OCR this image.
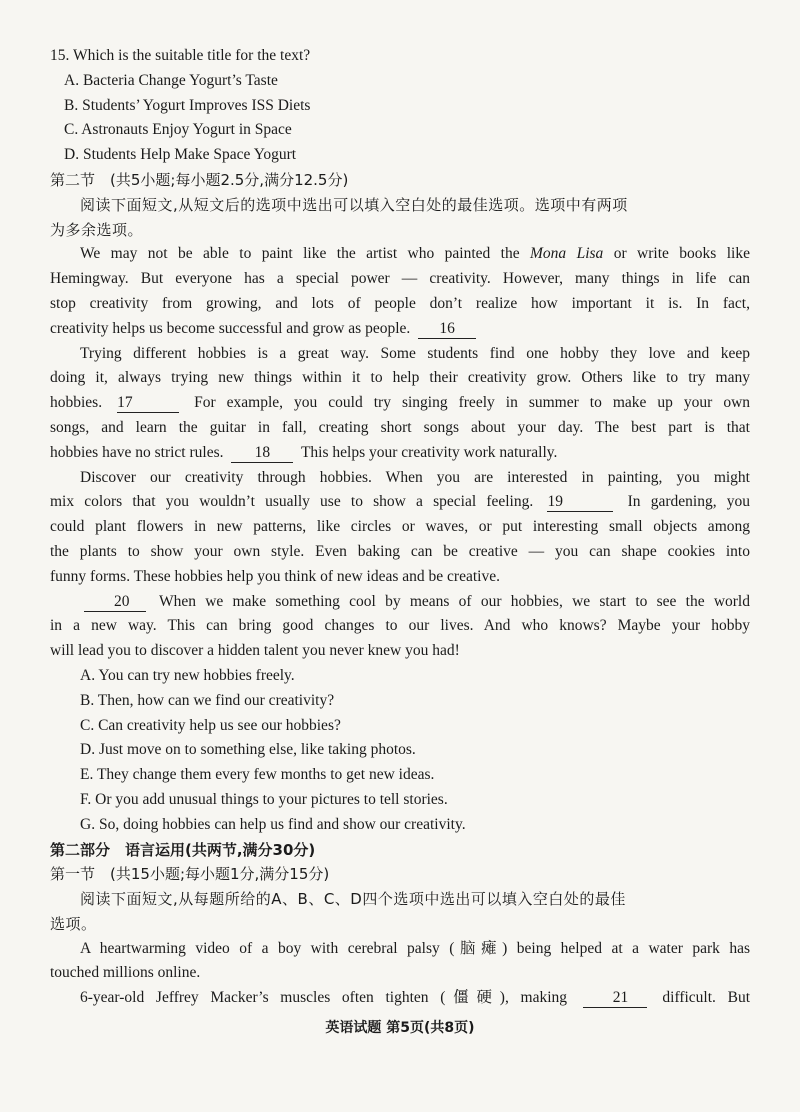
15. Which is the suitable title for the text?
A. Bacteria Change Yogurt’s Taste
B. Students’ Yogurt Improves ISS Diets
C. Astronauts Enjoy Yogurt in Space
D. Students Help Make Space Yogurt
第二节　(共5小题;每小题2.5分,满分12.5分)
阅读下面短文,从短文后的选项中选出可以填入空白处的最佳选项。选项中有两项
为多余选项。
We may not be able to paint like the artist who painted the Mona Lisa or write books like
Hemingway. But everyone has a special power — creativity. However, many things in life can
stop creativity from growing, and lots of people don’t realize how important it is. In fact,
creativity helps us become successful and grow as people. 16
Trying different hobbies is a great way. Some students find one hobby they love and keep
doing it, always trying new things within it to help their creativity grow. Others like to try many
hobbies. 17	For example, you could try singing freely in summer to make up your own
songs, and learn the guitar in fall, creating short songs about your day. The best part is that
hobbies have no strict rules. 18 This helps your creativity work naturally.
Discover our creativity through hobbies. When you are interested in painting, you might
mix colors that you wouldn’t usually use to show a special feeling. 19	In gardening, you
could plant flowers in new patterns, like circles or waves, or put interesting small objects among
the plants to show your own style. Even baking can be creative — you can shape cookies into
funny forms. These hobbies help you think of new ideas and be creative.
20 When we make something cool by means of our hobbies, we start to see the world
in a new way. This can bring good changes to our lives. And who knows? Maybe your hobby
will lead you to discover a hidden talent you never knew you had!
A. You can try new hobbies freely.
B. Then, how can we find our creativity?
C. Can creativity help us see our hobbies?
D. Just move on to something else, like taking photos.
E. They change them every few months to get new ideas.
F. Or you add unusual things to your pictures to tell stories.
G. So, doing hobbies can help us find and show our creativity.
第二部分　语言运用(共两节,满分30分)
第一节　(共15小题;每小题1分,满分15分)
阅读下面短文,从每题所给的A、B、C、D四个选项中选出可以填入空白处的最佳
选项。
A heartwarming video of a boy with cerebral palsy (脑瘫) being helped at a water park has
touched millions online.
6-year-old Jeffrey Macker’s muscles often tighten (僵硬), making	21 difficult. But
英语试题 第5页(共8页)
